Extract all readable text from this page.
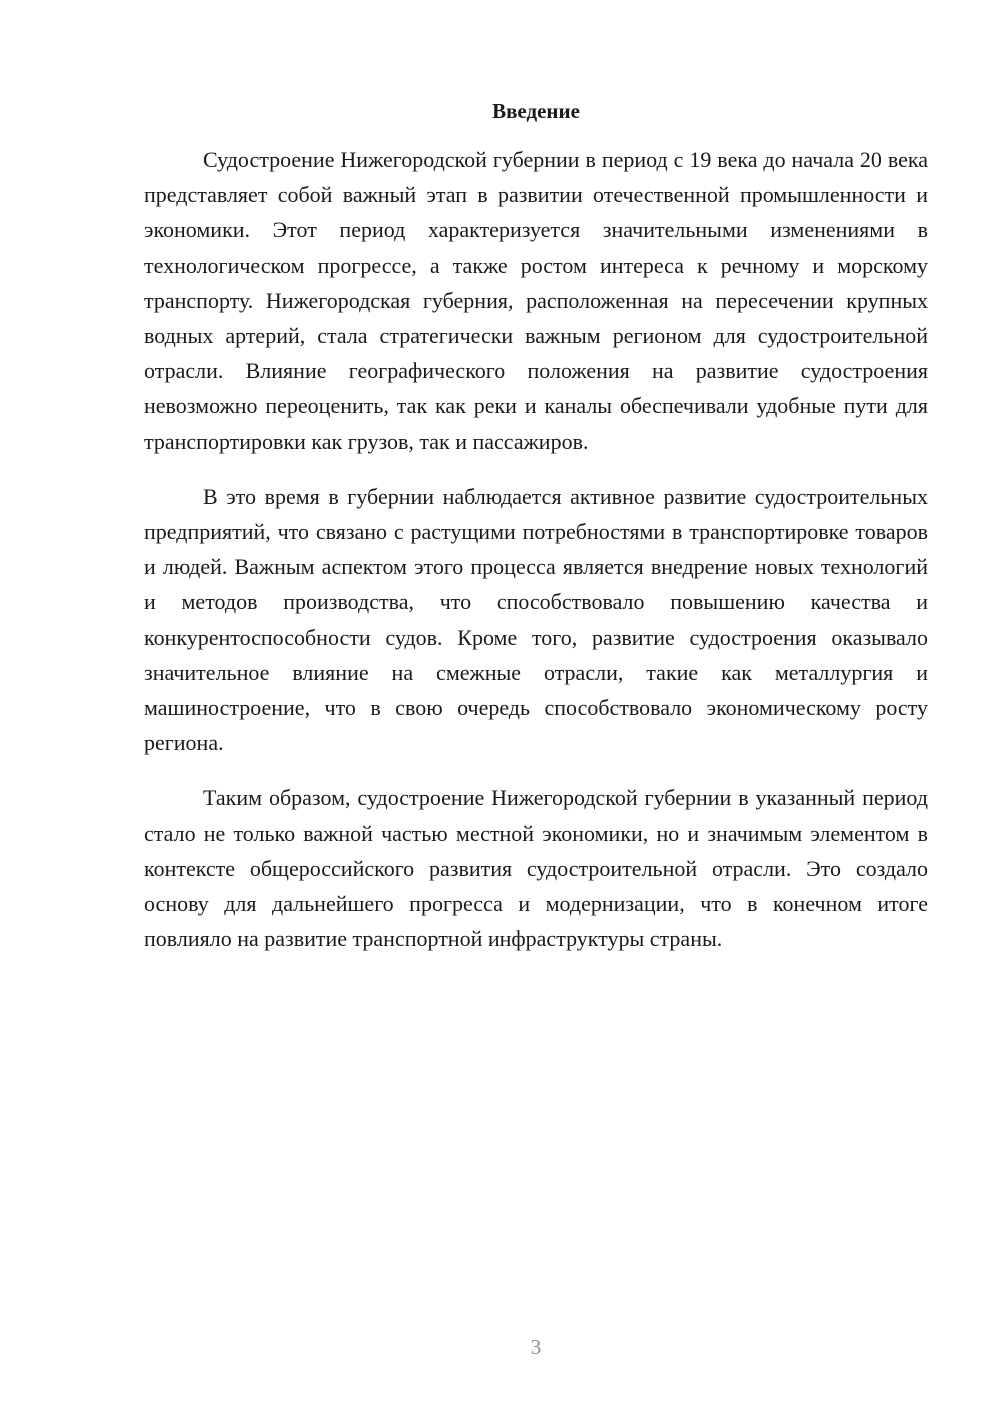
Введение

Судостроение Нижегородской губернии в период с 19 века до начала 20 века представляет собой важный этап в развитии отечественной промышленности и экономики. Этот период характеризуется значительными изменениями в технологическом прогрессе, а также ростом интереса к речному и морскому транспорту. Нижегородская губерния, расположенная на пересечении крупных водных артерий, стала стратегически важным регионом для судостроительной отрасли. Влияние географического положения на развитие судостроения невозможно переоценить, так как реки и каналы обеспечивали удобные пути для транспортировки как грузов, так и пассажиров.

В это время в губернии наблюдается активное развитие судостроительных предприятий, что связано с растущими потребностями в транспортировке товаров и людей. Важным аспектом этого процесса является внедрение новых технологий и методов производства, что способствовало повышению качества и конкурентоспособности судов. Кроме того, развитие судостроения оказывало значительное влияние на смежные отрасли, такие как металлургия и машиностроение, что в свою очередь способствовало экономическому росту региона.

Таким образом, судостроение Нижегородской губернии в указанный период стало не только важной частью местной экономики, но и значимым элементом в контексте общероссийского развития судостроительной отрасли. Это создало основу для дальнейшего прогресса и модернизации, что в конечном итоге повлияло на развитие транспортной инфраструктуры страны.

3
